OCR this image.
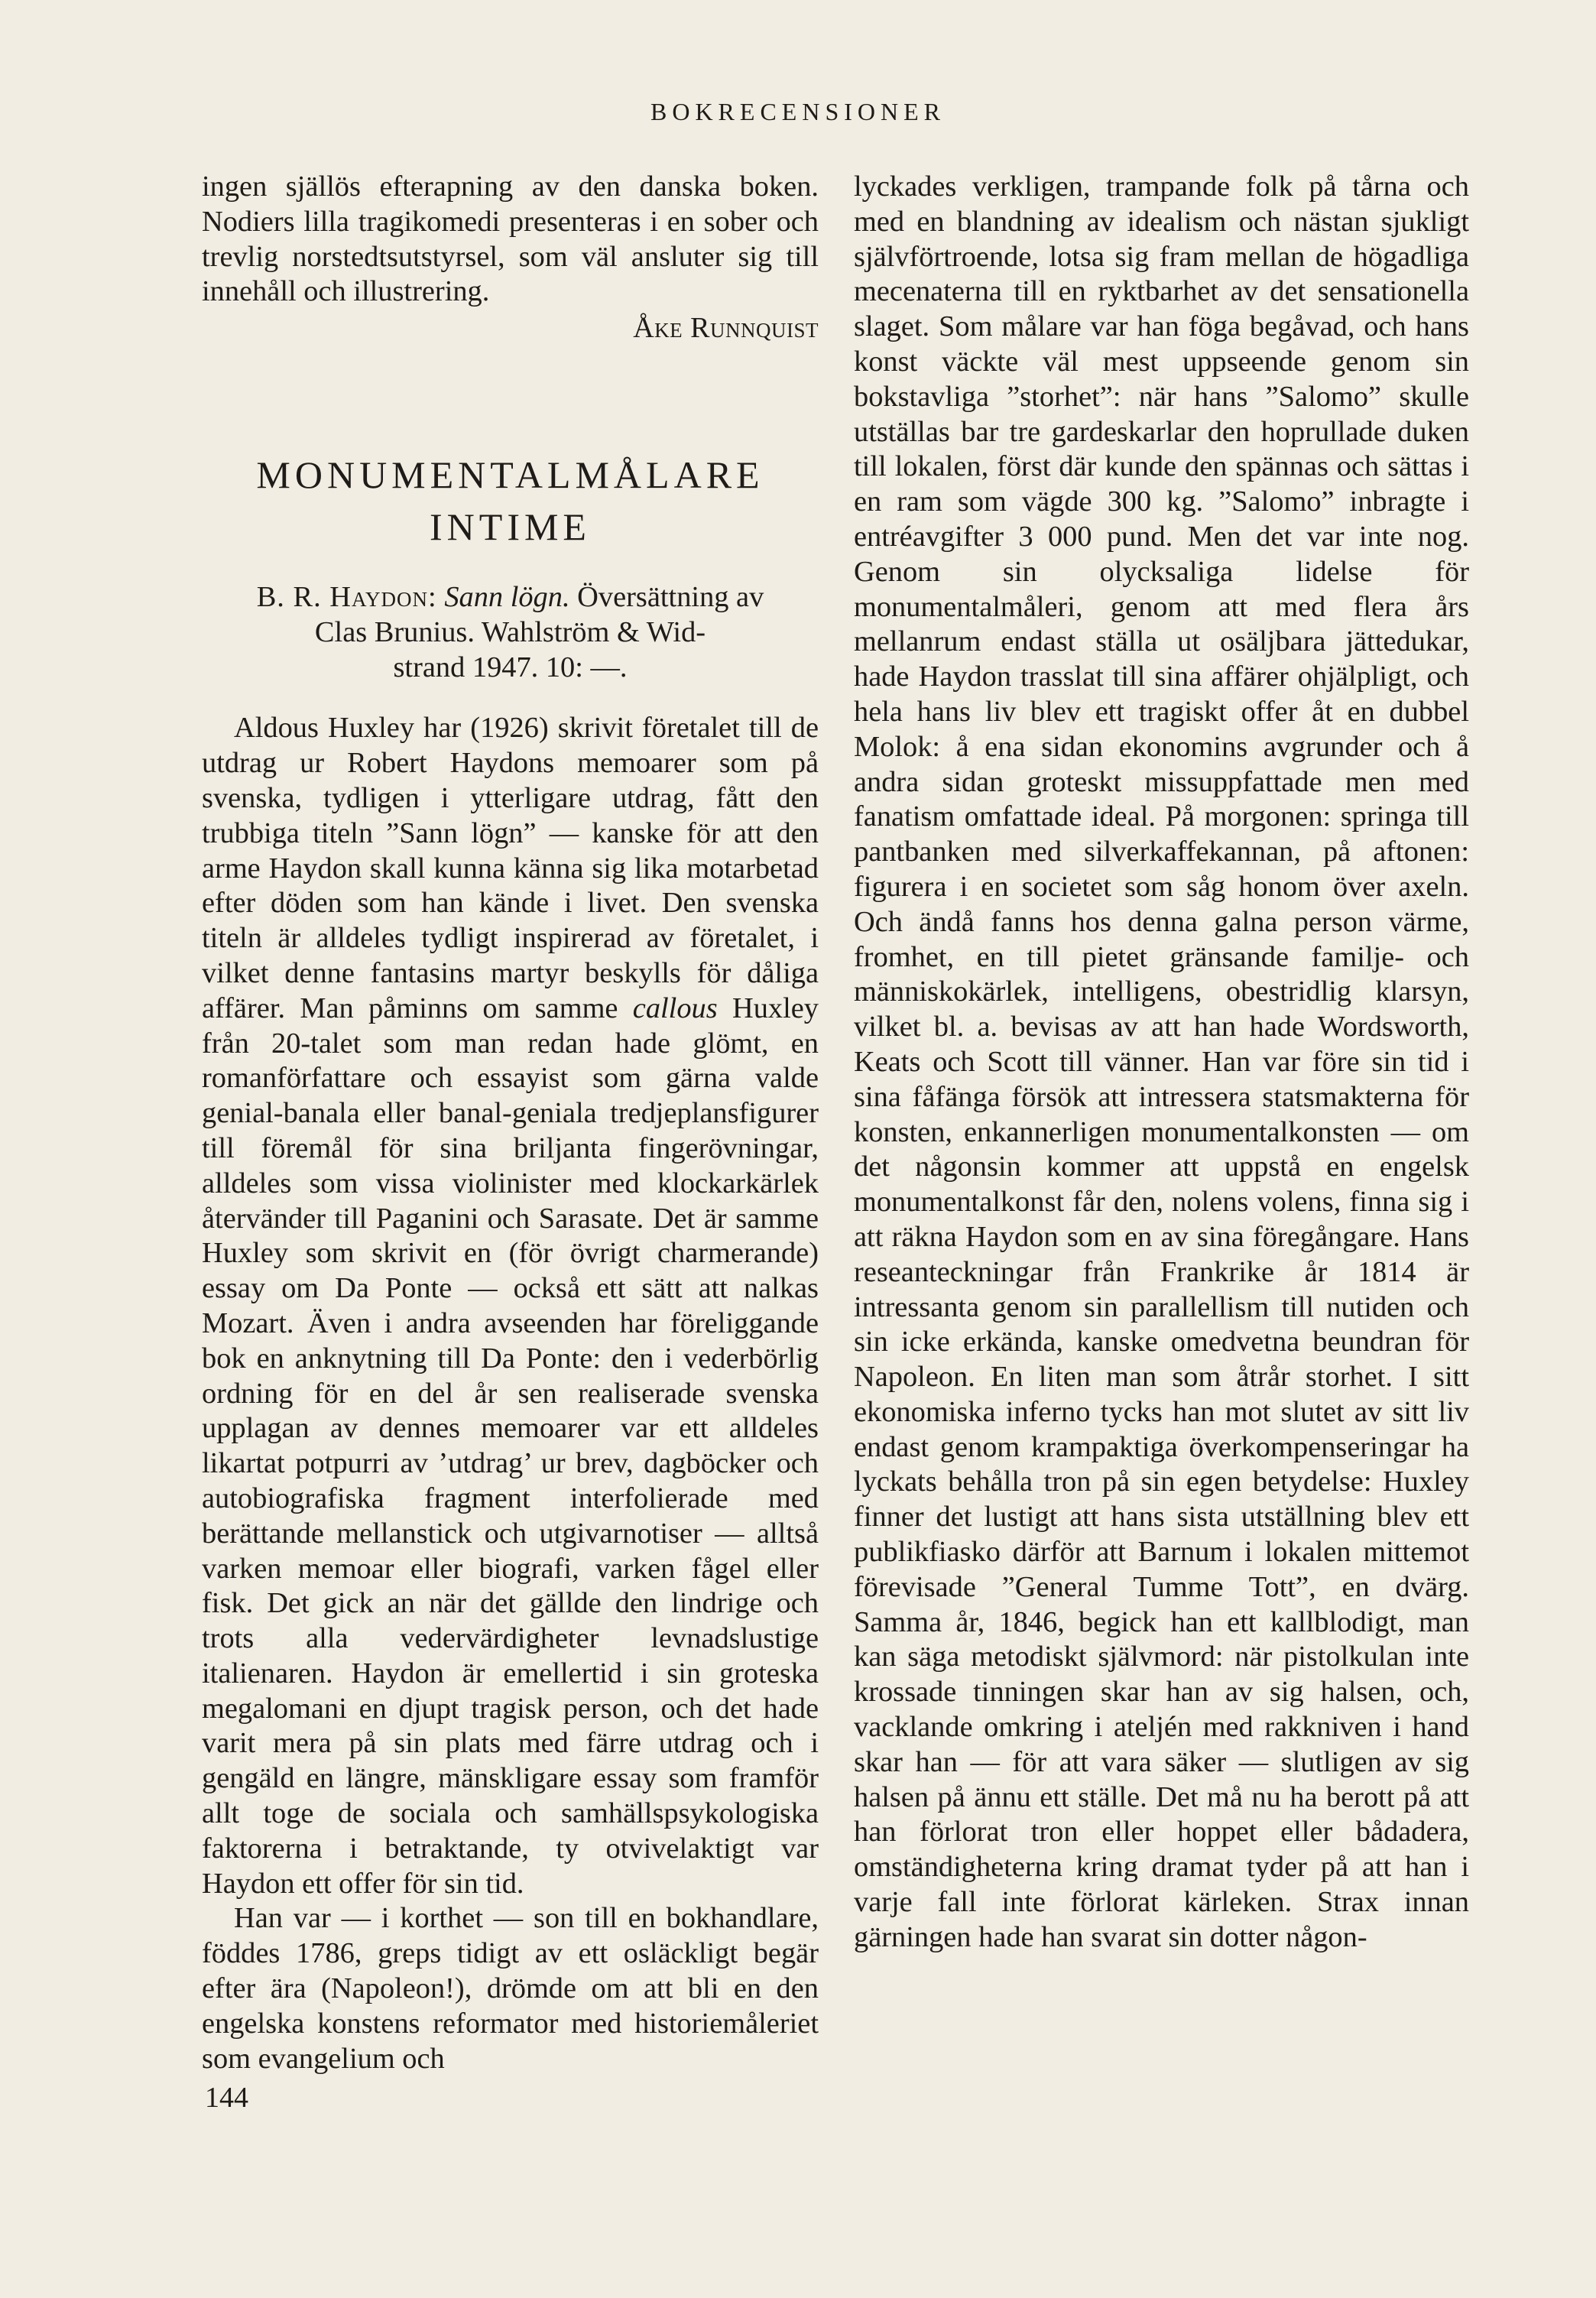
BOKRECENSIONER

ingen själlös efterapning av den danska boken. Nodiers lilla tragikomedi presenteras i en sober och trevlig norstedtsutstyrsel, som väl ansluter sig till innehåll och illustrering.

Åke Runnquist
MONUMENTALMÅLARE
INTIME
B. R. Haydon: Sann lögn. Översättning av
Clas Brunius. Wahlström & Wid-
strand 1947. 10: —.

Aldous Huxley har (1926) skrivit företalet till de utdrag ur Robert Haydons memoarer som på svenska, tydligen i ytterligare utdrag, fått den trubbiga titeln ”Sann lögn” — kanske för att den arme Haydon skall kunna känna sig lika motarbetad efter döden som han kände i livet. Den svenska titeln är alldeles tydligt inspirerad av företalet, i vilket denne fantasins martyr beskylls för dåliga affärer. Man påminns om samme callous Huxley från 20-talet som man redan hade glömt, en romanförfattare och essayist som gärna valde genial-banala eller banal-geniala tredjeplansfigurer till föremål för sina briljanta fingerövningar, alldeles som vissa violinister med klockarkärlek återvänder till Paganini och Sarasate. Det är samme Huxley som skrivit en (för övrigt charmerande) essay om Da Ponte — också ett sätt att nalkas Mozart. Även i andra avseenden har föreliggande bok en anknytning till Da Ponte: den i vederbörlig ordning för en del år sen realiserade svenska upplagan av dennes memoarer var ett alldeles likartat potpurri av ’utdrag’ ur brev, dagböcker och autobiografiska fragment interfolierade med berättande mellanstick och utgivarnotiser — alltså varken memoar eller biografi, varken fågel eller fisk. Det gick an när det gällde den lindrige och trots alla vedervärdigheter levnadslustige italienaren. Haydon är emellertid i sin groteska megalomani en djupt tragisk person, och det hade varit mera på sin plats med färre utdrag och i gengäld en längre, mänskligare essay som framför allt toge de sociala och samhällspsykologiska faktorerna i betraktande, ty otvivelaktigt var Haydon ett offer för sin tid.

Han var — i korthet — son till en bokhandlare, föddes 1786, greps tidigt av ett osläckligt begär efter ära (Napoleon!), drömde om att bli en den engelska konstens reformator med historiemåleriet som evangelium och

lyckades verkligen, trampande folk på tårna och med en blandning av idealism och nästan sjukligt självförtroende, lotsa sig fram mellan de högadliga mecenaterna till en ryktbarhet av det sensationella slaget. Som målare var han föga begåvad, och hans konst väckte väl mest uppseende genom sin bokstavliga ”storhet”: när hans ”Salomo” skulle utställas bar tre gardeskarlar den hoprullade duken till lokalen, först där kunde den spännas och sättas i en ram som vägde 300 kg. ”Salomo” inbragte i entréavgifter 3 000 pund. Men det var inte nog. Genom sin olycksaliga lidelse för monumentalmåleri, genom att med flera års mellanrum endast ställa ut osäljbara jättedukar, hade Haydon trasslat till sina affärer ohjälpligt, och hela hans liv blev ett tragiskt offer åt en dubbel Molok: å ena sidan ekonomins avgrunder och å andra sidan groteskt missuppfattade men med fanatism omfattade ideal. På morgonen: springa till pantbanken med silverkaffekannan, på aftonen: figurera i en societet som såg honom över axeln. Och ändå fanns hos denna galna person värme, fromhet, en till pietet gränsande familje- och människokärlek, intelligens, obestridlig klarsyn, vilket bl. a. bevisas av att han hade Wordsworth, Keats och Scott till vänner. Han var före sin tid i sina fåfänga försök att intressera statsmakterna för konsten, enkannerligen monumentalkonsten — om det någonsin kommer att uppstå en engelsk monumentalkonst får den, nolens volens, finna sig i att räkna Haydon som en av sina föregångare. Hans reseanteckningar från Frankrike år 1814 är intressanta genom sin parallellism till nutiden och sin icke erkända, kanske omedvetna beundran för Napoleon. En liten man som åtrår storhet. I sitt ekonomiska inferno tycks han mot slutet av sitt liv endast genom krampaktiga överkompenseringar ha lyckats behålla tron på sin egen betydelse: Huxley finner det lustigt att hans sista utställning blev ett publikfiasko därför att Barnum i lokalen mittemot förevisade ”General Tumme Tott”, en dvärg. Samma år, 1846, begick han ett kallblodigt, man kan säga metodiskt självmord: när pistolkulan inte krossade tinningen skar han av sig halsen, och, vacklande omkring i ateljén med rakkniven i hand skar han — för att vara säker — slutligen av sig halsen på ännu ett ställe. Det må nu ha berott på att han förlorat tron eller hoppet eller bådadera, omständigheterna kring dramat tyder på att han i varje fall inte förlorat kärleken. Strax innan gärningen hade han svarat sin dotter någon-

144
